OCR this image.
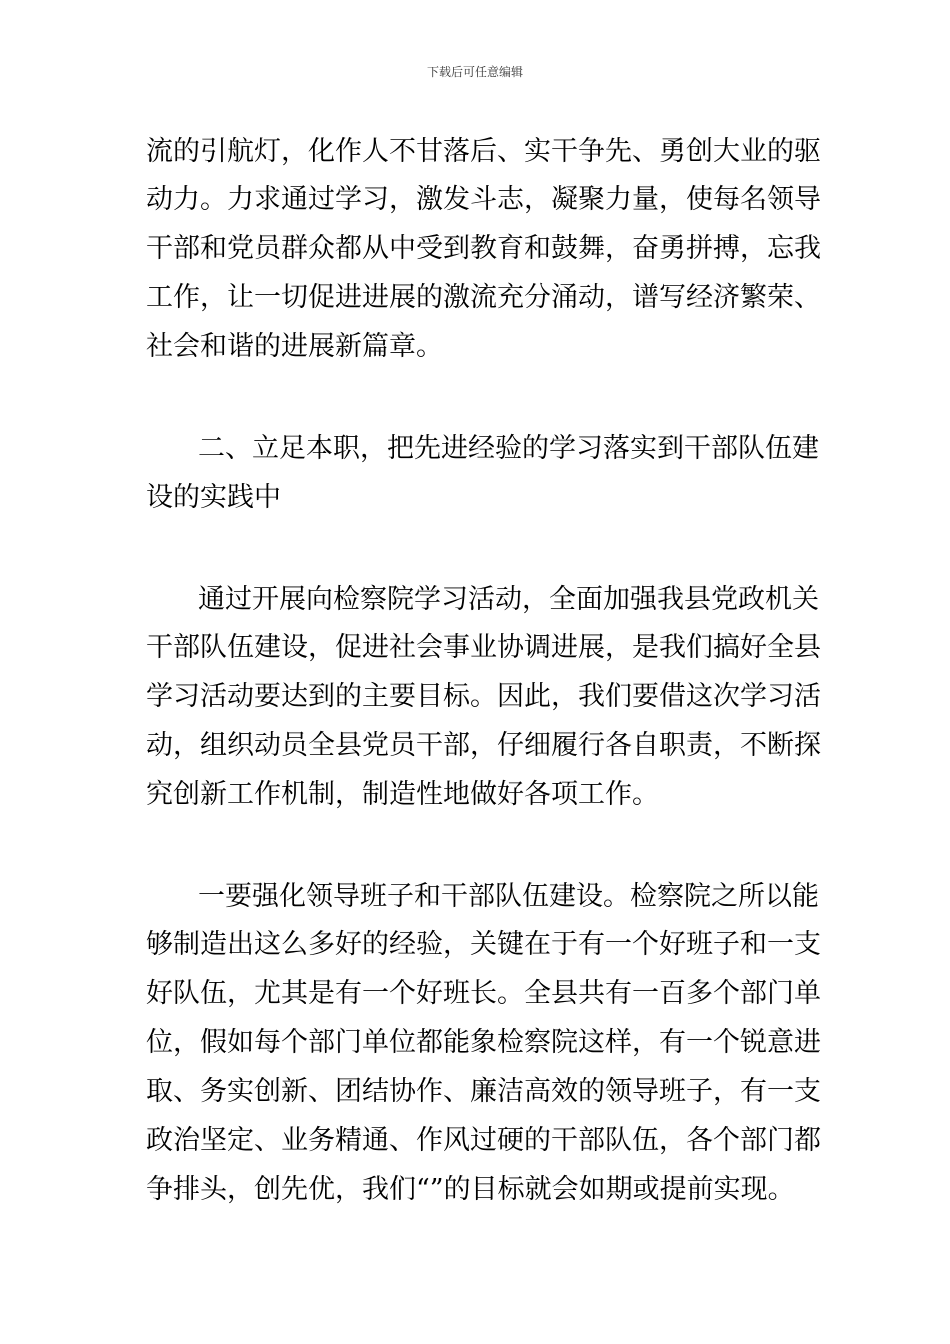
下载后可任意编辑
流的引航灯，化作人不甘落后、实干争先、勇创大业的驱
动力。力求通过学习，激发斗志，凝聚力量，使每名领导
干部和党员群众都从中受到教育和鼓舞，奋勇拼搏，忘我
工作，让一切促进进展的激流充分涌动，谱写经济繁荣、
社会和谐的进展新篇章。
二、立足本职，把先进经验的学习落实到干部队伍建
设的实践中
通过开展向检察院学习活动，全面加强我县党政机关
干部队伍建设，促进社会事业协调进展，是我们搞好全县
学习活动要达到的主要目标。因此，我们要借这次学习活
动，组织动员全县党员干部，仔细履行各自职责，不断探
究创新工作机制，制造性地做好各项工作。
一要强化领导班子和干部队伍建设。检察院之所以能
够制造出这么多好的经验，关键在于有一个好班子和一支
好队伍，尤其是有一个好班长。全县共有一百多个部门单
位，假如每个部门单位都能象检察院这样，有一个锐意进
取、务实创新、团结协作、廉洁高效的领导班子，有一支
政治坚定、业务精通、作风过硬的干部队伍，各个部门都
争排头，创先优，我们“”的目标就会如期或提前实现。
